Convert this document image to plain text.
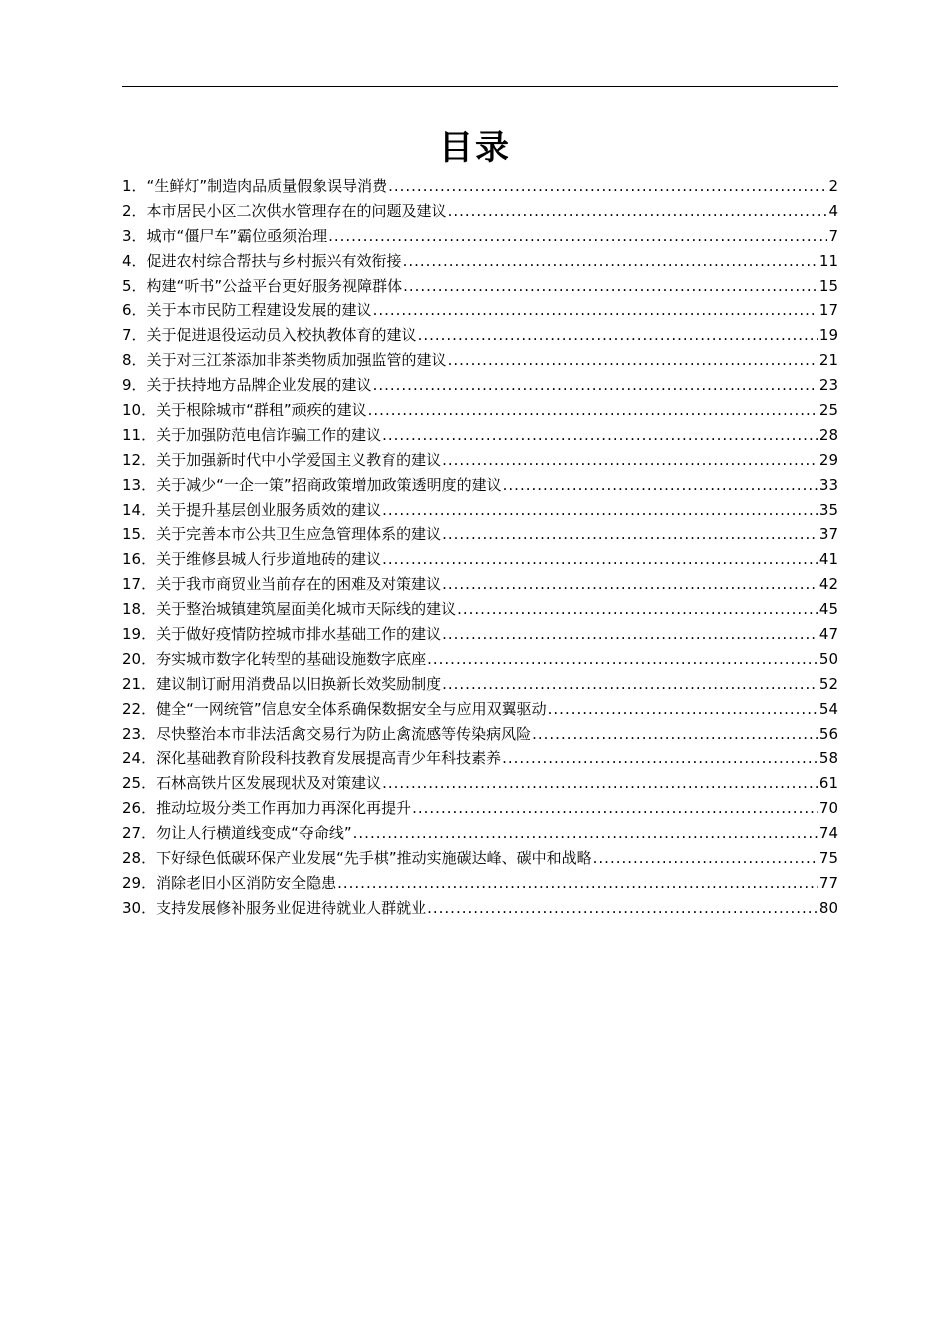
目录
1． “生鲜灯”制造肉品质量假象误导消费 .....	2
2． 本市居民小区二次供水管理存在的问题及建议 .....	4
3． 城市“僵尸车”霸位亟须治理 .....	7
4． 促进农村综合帮扶与乡村振兴有效衔接 .....	11
5． 构建“听书”公益平台更好服务视障群体 .....	15
6． 关于本市民防工程建设发展的建议 .....	17
7． 关于促进退役运动员入校执教体育的建议 .....	19
8． 关于对三江茶添加非茶类物质加强监管的建议 .....	21
9． 关于扶持地方品牌企业发展的建议 .....	23
10． 关于根除城市“群租”顽疾的建议 .....	25
11． 关于加强防范电信诈骗工作的建议 .....	28
12． 关于加强新时代中小学爱国主义教育的建议 .....	29
13． 关于减少“一企一策”招商政策增加政策透明度的建议 .....	33
14． 关于提升基层创业服务质效的建议 .....	35
15． 关于完善本市公共卫生应急管理体系的建议 .....	37
16． 关于维修县城人行步道地砖的建议 .....	41
17． 关于我市商贸业当前存在的困难及对策建议 .....	42
18． 关于整治城镇建筑屋面美化城市天际线的建议 .....	45
19． 关于做好疫情防控城市排水基础工作的建议 .....	47
20． 夯实城市数字化转型的基础设施数字底座 .....	50
21． 建议制订耐用消费品以旧换新长效奖励制度 .....	52
22． 健全“一网统管”信息安全体系确保数据安全与应用双翼驱动 .....	54
23． 尽快整治本市非法活禽交易行为防止禽流感等传染病风险 .....	56
24． 深化基础教育阶段科技教育发展提高青少年科技素养 .....	58
25． 石林高铁片区发展现状及对策建议 .....	61
26． 推动垃圾分类工作再加力再深化再提升 .....	70
27． 勿让人行横道线变成“夺命线” .....	74
28． 下好绿色低碳环保产业发展“先手棋”推动实施碳达峰、碳中和战略 .....	75
29． 消除老旧小区消防安全隐患 .....	77
30． 支持发展修补服务业促进待就业人群就业 .....	80
